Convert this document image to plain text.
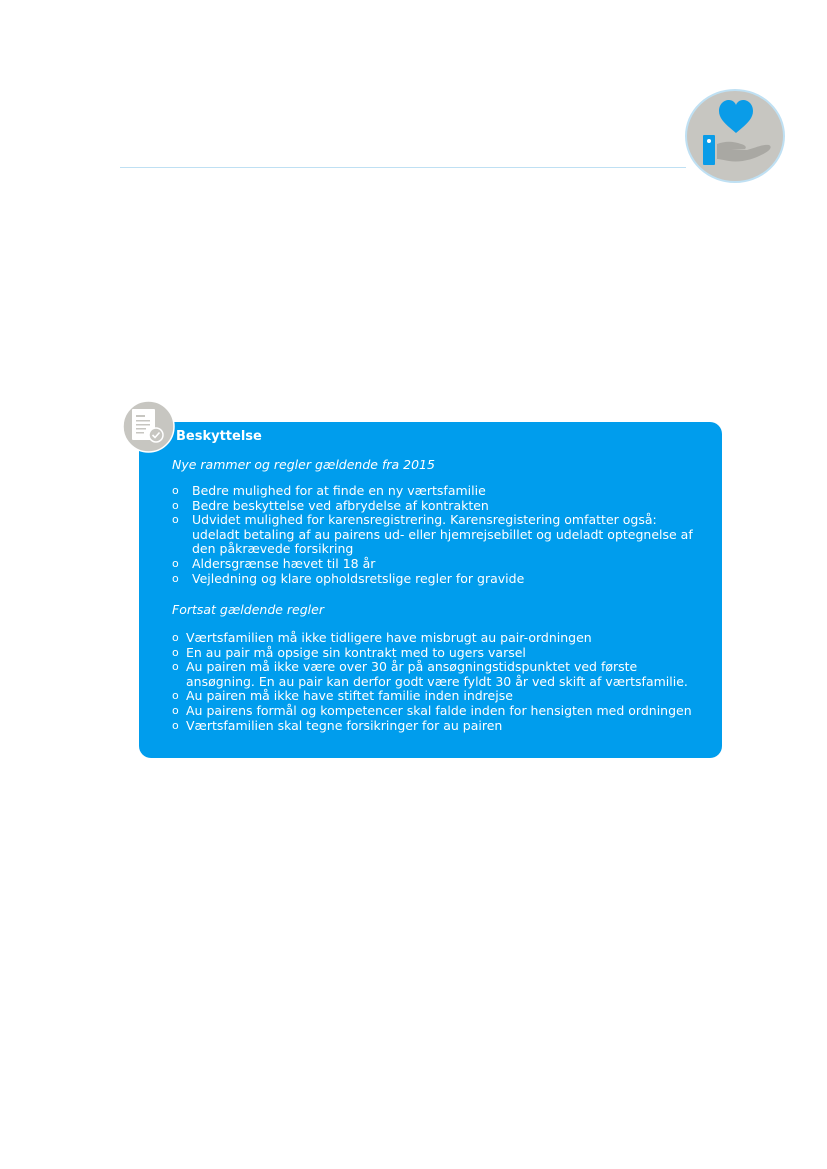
Beskyttelse

Nye rammer og regler gældende fra 2015

o Bedre mulighed for at finde en ny værtsfamilie
o Bedre beskyttelse ved afbrydelse af kontrakten
o Udvidet mulighed for karensregistrering. Karensregistering omfatter også: udeladt betaling af au pairens ud- eller hjemrejsebillet og udeladt optegnelse af den påkrævede forsikring
o Aldersgrænse hævet til 18 år
o Vejledning og klare opholdsretslige regler for gravide

Fortsat gældende regler

o Værtsfamilien må ikke tidligere have misbrugt au pair-ordningen
o En au pair må opsige sin kontrakt med to ugers varsel
o Au pairen må ikke være over 30 år på ansøgningstidspunktet ved første ansøgning. En au pair kan derfor godt være fyldt 30 år ved skift af værtsfamilie.
o Au pairen må ikke have stiftet familie inden indrejse
o Au pairens formål og kompetencer skal falde inden for hensigten med ordningen
o Værtsfamilien skal tegne forsikringer for au pairen
